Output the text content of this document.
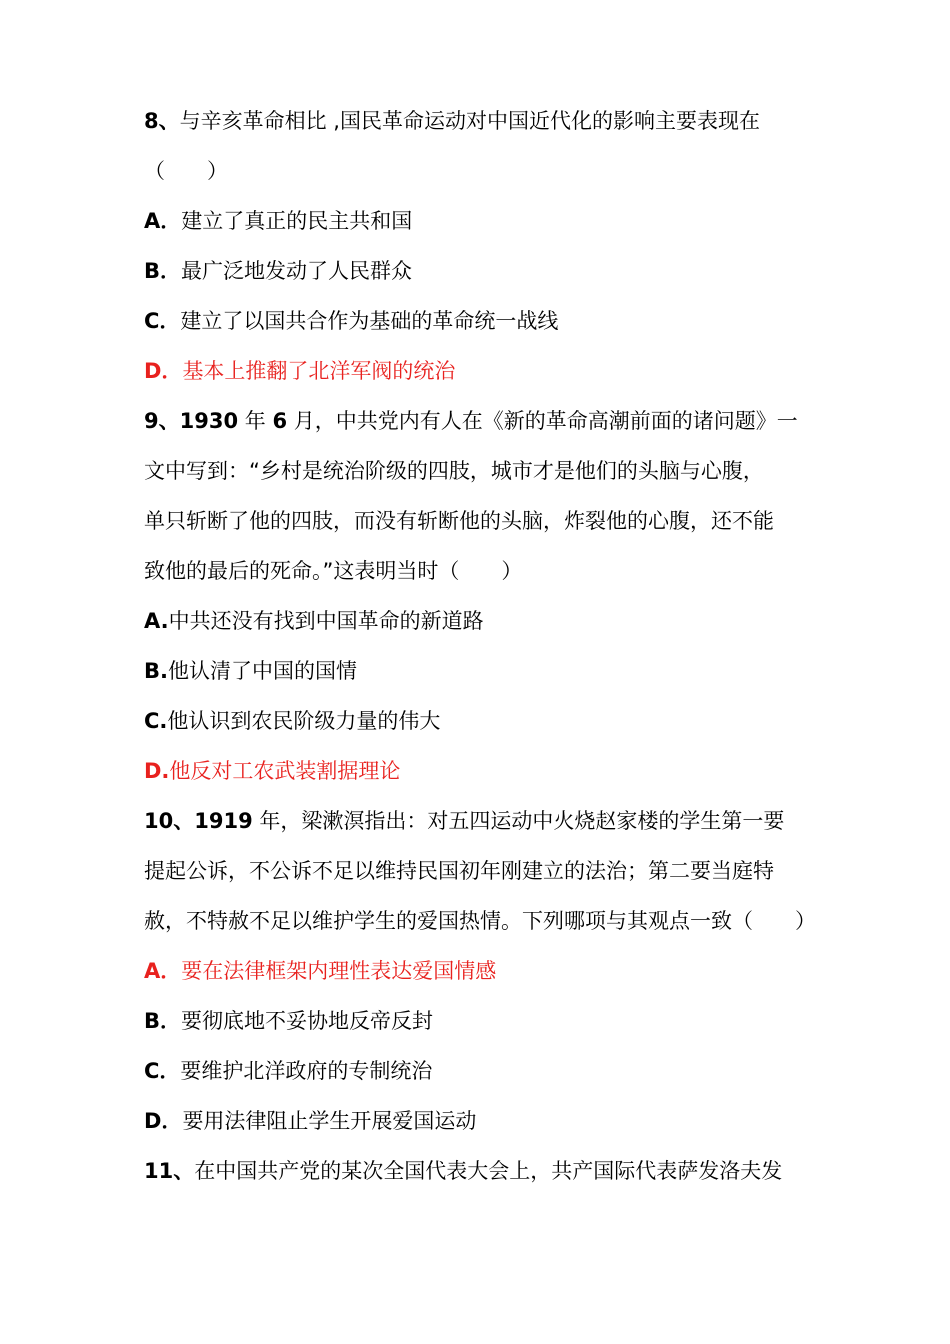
8、与辛亥革命相比 ,国民革命运动对中国近代化的影响主要表现在
（　　）
A．建立了真正的民主共和国
B．最广泛地发动了人民群众
C．建立了以国共合作为基础的革命统一战线
D．基本上推翻了北洋军阀的统治
9、1930 年 6 月，中共党内有人在《新的革命高潮前面的诸问题》一
文中写到：“乡村是统治阶级的四肢，城市才是他们的头脑与心腹，
单只斩断了他的四肢，而没有斩断他的头脑，炸裂他的心腹，还不能
致他的最后的死命。”这表明当时（　　）
A.中共还没有找到中国革命的新道路
B.他认清了中国的国情
C.他认识到农民阶级力量的伟大
D.他反对工农武装割据理论
10、1919 年，梁漱溟指出：对五四运动中火烧赵家楼的学生第一要
提起公诉，不公诉不足以维持民国初年刚建立的法治；第二要当庭特
赦，不特赦不足以维护学生的爱国热情。下列哪项与其观点一致（　　）
A．要在法律框架内理性表达爱国情感
B．要彻底地不妥协地反帝反封
C．要维护北洋政府的专制统治
D．要用法律阻止学生开展爱国运动
11、在中国共产党的某次全国代表大会上，共产国际代表萨发洛夫发
